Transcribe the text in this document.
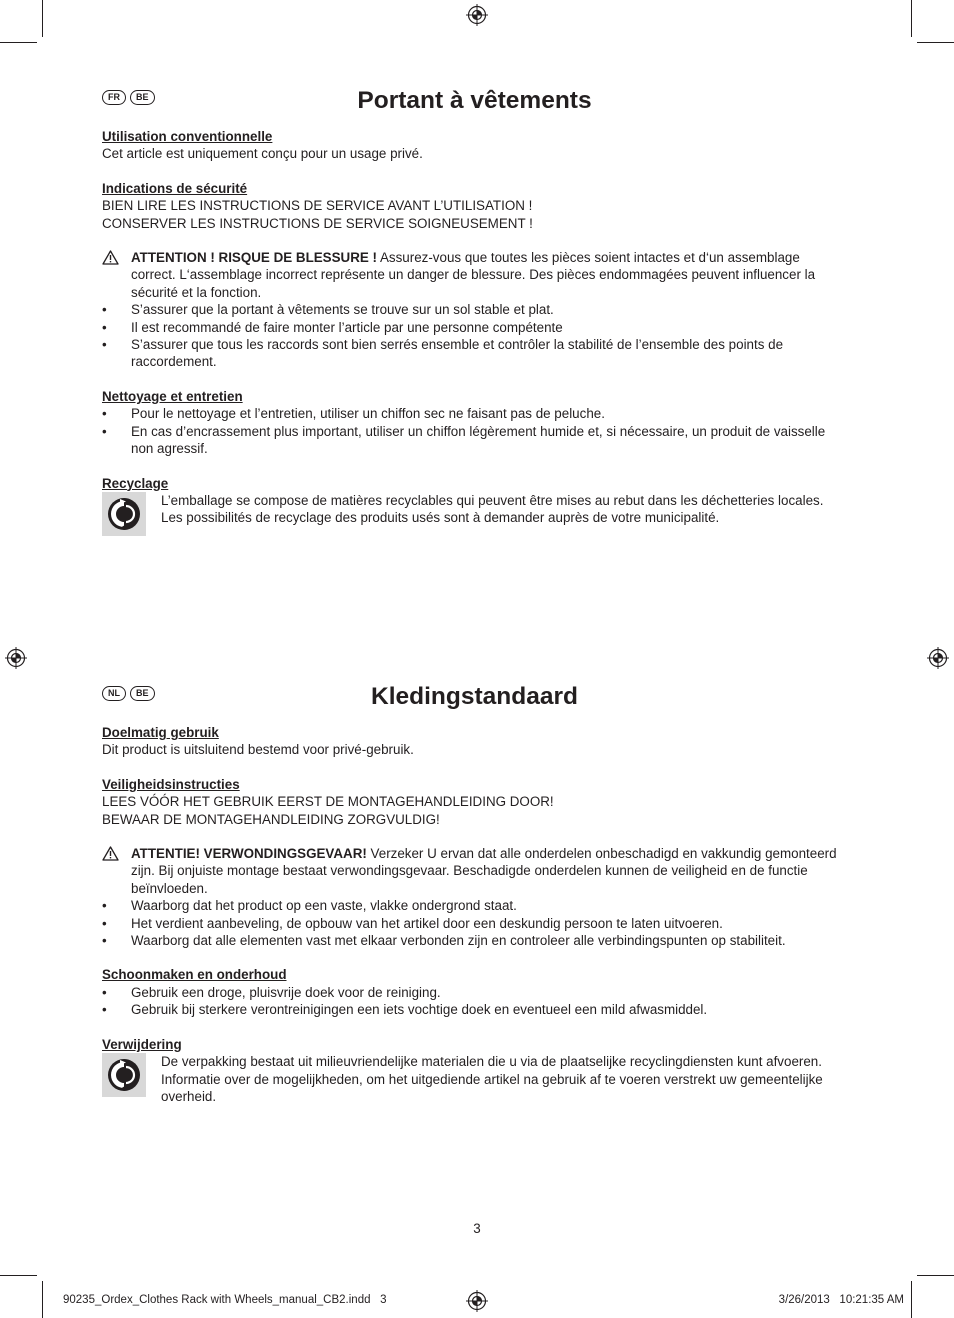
FR	BE	Portant à vêtements
Utilisation conventionnelle
Cet article est uniquement conçu pour un usage privé.
Indications de sécurité
BIEN LIRE LES INSTRUCTIONS DE SERVICE AVANT L’UTILISATION !
CONSERVER LES INSTRUCTIONS DE SERVICE SOIGNEUSEMENT !
ATTENTION ! RISQUE DE BLESSURE ! Assurez-vous que toutes les pièces soient intactes et d‘un assemblage correct. L‘assemblage incorrect représente un danger de blessure. Des pièces endommagées peuvent influencer la sécurité et la fonction.
• S’assurer que la portant à vêtements se trouve sur un sol stable et plat.
• Il est recommandé de faire monter l’article par une personne compétente
• S’assurer que tous les raccords sont bien serrés ensemble et contrôler la stabilité de l’ensemble des points de raccordement.
Nettoyage et entretien
• Pour le nettoyage et l’entretien, utiliser un chiffon sec ne faisant pas de peluche.
• En cas d’encrassement plus important, utiliser un chiffon légèrement humide et, si nécessaire, un produit de vaisselle non agressif.
Recyclage
L’emballage se compose de matières recyclables qui peuvent être mises au rebut dans les déchetteries locales.
Les possibilités de recyclage des produits usés sont à demander auprès de votre municipalité.
NL	BE	Kledingstandaard
Doelmatig gebruik
Dit product is uitsluitend bestemd voor privé-gebruik.
Veiligheidsinstructies
LEES VÓÓR HET GEBRUIK EERST DE MONTAGEHANDLEIDING DOOR!
BEWAAR DE MONTAGEHANDLEIDING ZORGVULDIG!
ATTENTIE! VERWONDINGSGEVAAR! Verzeker U ervan dat alle onderdelen onbeschadigd en vakkundig gemonteerd zijn. Bij onjuiste montage bestaat verwondingsgevaar. Beschadigde onderdelen kunnen de veiligheid en de functie beïnvloeden.
• Waarborg dat het product op een vaste, vlakke ondergrond staat.
• Het verdient aanbeveling, de opbouw van het artikel door een deskundig persoon te laten uitvoeren.
• Waarborg dat alle elementen vast met elkaar verbonden zijn en controleer alle verbindingspunten op stabiliteit.
Schoonmaken en onderhoud
• Gebruik een droge, pluisvrije doek voor de reiniging.
• Gebruik bij sterkere verontreinigingen een iets vochtige doek en eventueel een mild afwasmiddel.
Verwijdering
De verpakking bestaat uit milieuvriendelijke materialen die u via de plaatselijke recyclingdiensten kunt afvoeren.
Informatie over de mogelijkheden, om het uitgediende artikel na gebruik af te voeren verstrekt uw gemeentelijke overheid.
3
90235_Ordex_Clothes Rack with Wheels_manual_CB2.indd   3	3/26/2013   10:21:35 AM
